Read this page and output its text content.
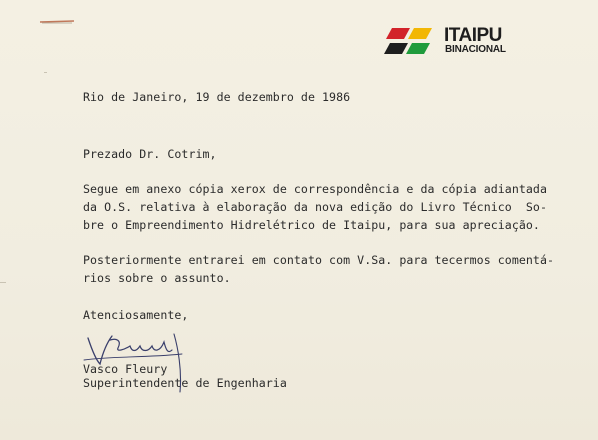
ITAIPU
BINACIONAL
Rio de Janeiro, 19 de dezembro de 1986
Prezado Dr. Cotrim,
Segue em anexo cópia xerox de correspondência e da cópia adiantada
da O.S. relativa à elaboração da nova edição do Livro Técnico  So-
bre o Empreendimento Hidrelétrico de Itaipu, para sua apreciação.
Posteriormente entrarei em contato com V.Sa. para tecermos comentá-
rios sobre o assunto.
Atenciosamente,
Vasco Fleury
Superintendente de Engenharia
